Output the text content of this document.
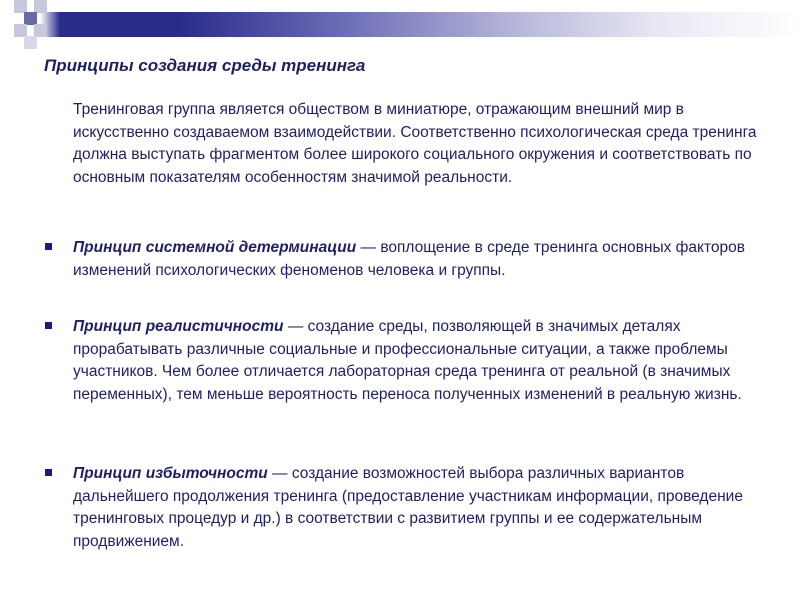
Принципы создания среды тренинга
Тренинговая группа является обществом в миниатюре, отражающим внешний мир в искусственно создаваемом взаимодействии. Соответственно психологическая среда тренинга должна выступать фрагментом более широкого социального окружения и соответствовать по основным показателям особенностям значимой реальности.
Принцип системной детерминации — воплощение в среде тренинга основных факторов изменений психологических феноменов человека и группы.
Принцип реалистичности — создание среды, позволяющей в значимых деталях прорабатывать различные социальные и профессиональные ситуации, а также проблемы участников. Чем более отличается лабораторная среда тренинга от реальной (в значимых переменных), тем меньше вероятность переноса полученных изменений в реальную жизнь.
Принцип избыточности — создание возможностей выбора различных вариантов дальнейшего продолжения тренинга (предоставление участникам информации, проведение тренинговых процедур и др.) в соответствии с развитием группы и ее содержательным продвижением.
